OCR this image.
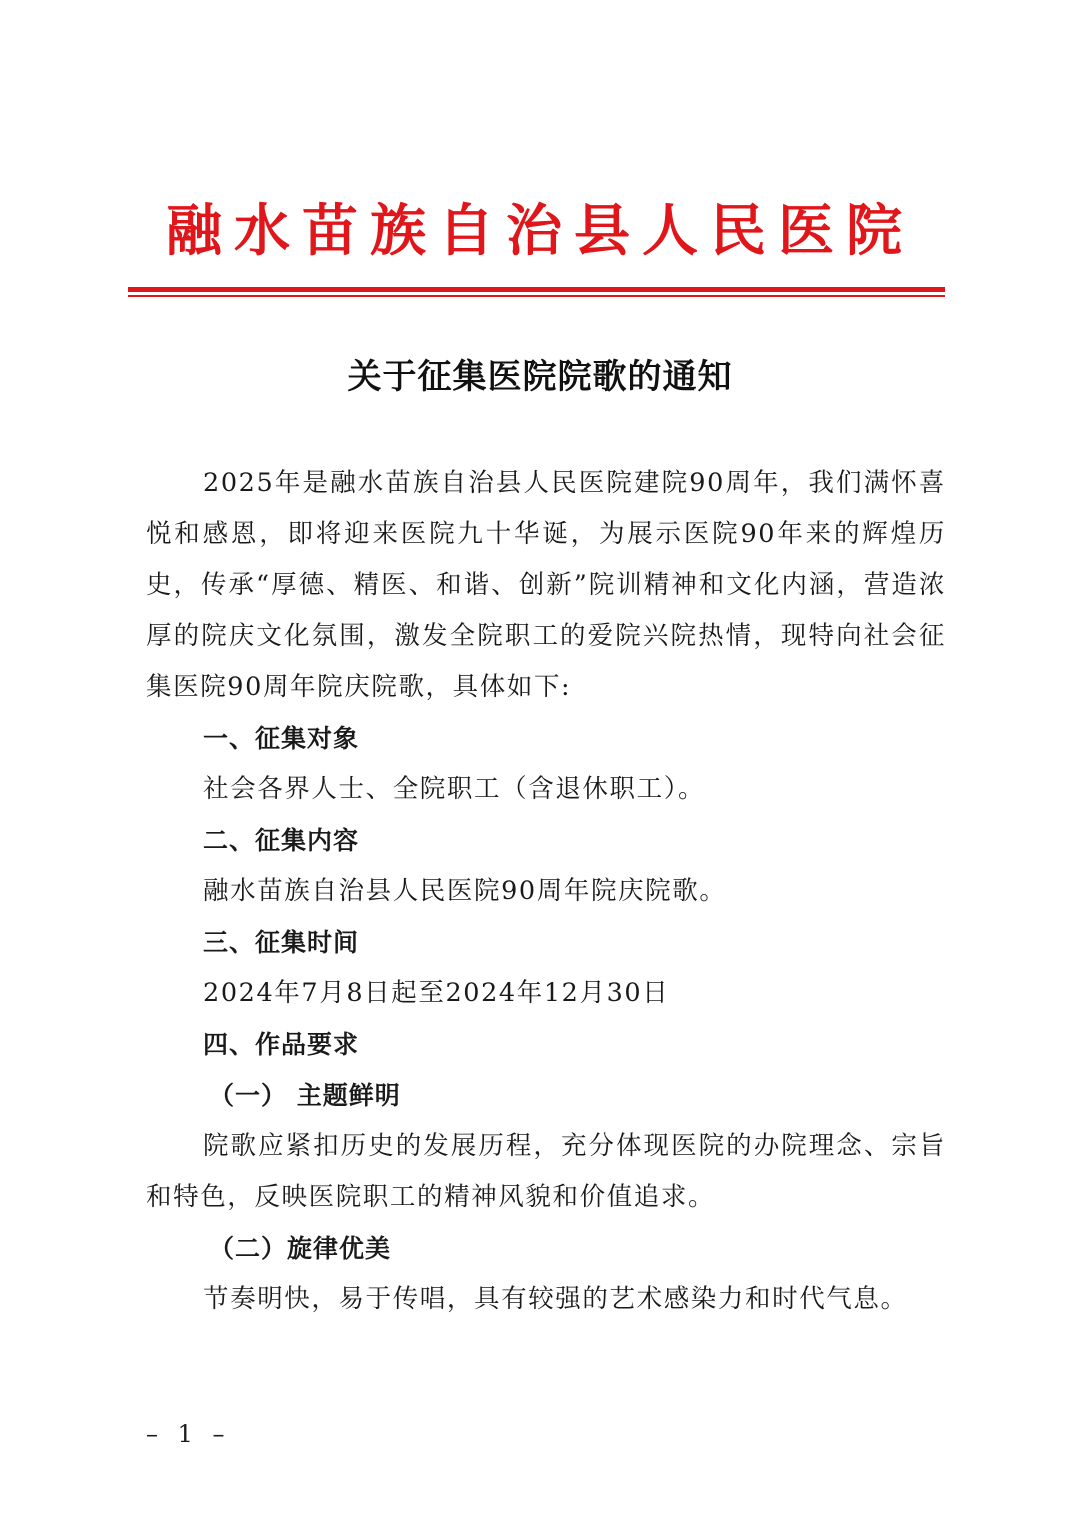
融水苗族自治县人民医院
关于征集医院院歌的通知

2025年是融水苗族自治县人民医院建院90周年，我们满怀喜悦和感恩，即将迎来医院九十华诞，为展示医院90年来的辉煌历史，传承“厚德、精医、和谐、创新”院训精神和文化内涵，营造浓厚的院庆文化氛围，激发全院职工的爱院兴院热情，现特向社会征集医院90周年院庆院歌，具体如下:

一、征集对象

社会各界人士、全院职工（含退休职工）。

二、征集内容

融水苗族自治县人民医院90周年院庆院歌。

三、征集时间

2024年7月8日起至2024年12月30日

四、作品要求

（一） 主题鲜明

院歌应紧扣历史的发展历程，充分体现医院的办院理念、宗旨和特色，反映医院职工的精神风貌和价值追求。

（二）旋律优美

节奏明快，易于传唱，具有较强的艺术感染力和时代气息。

– 1 –
